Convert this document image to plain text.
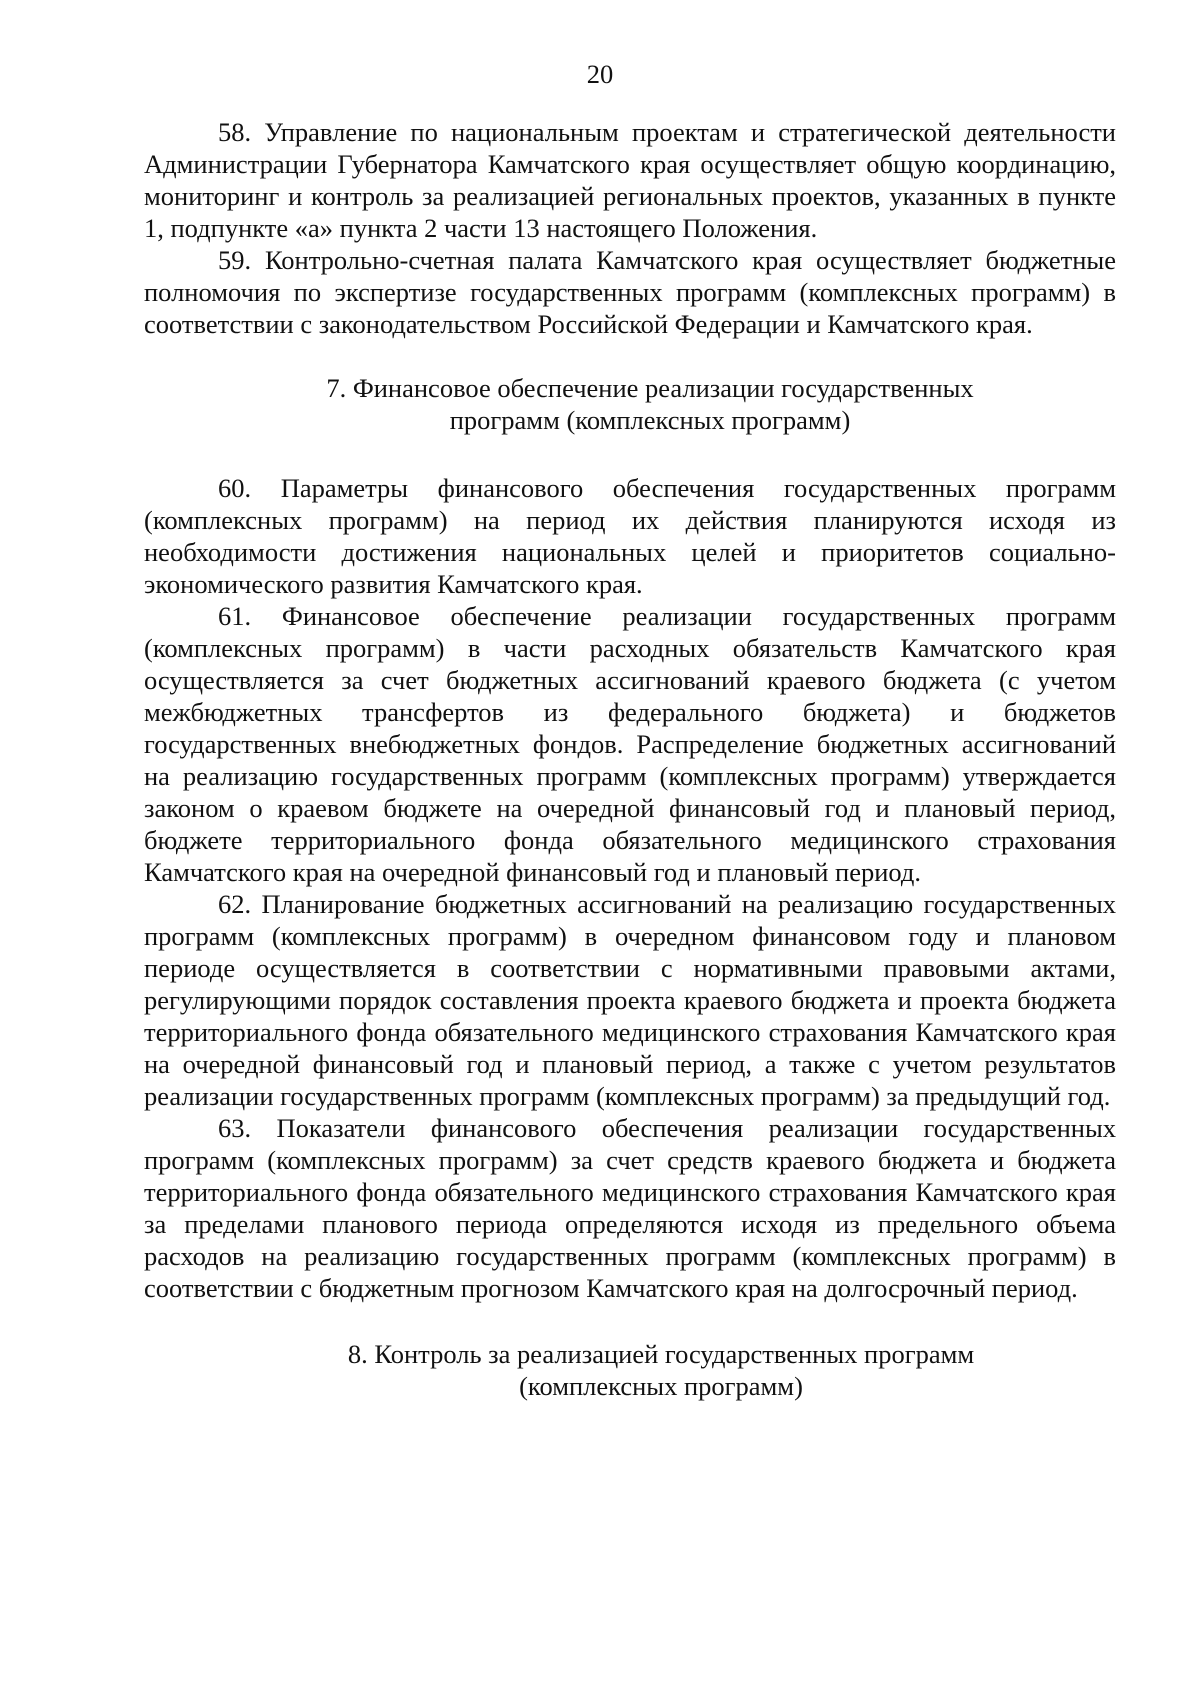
20

58. Управление по национальным проектам и стратегической деятельности Администрации Губернатора Камчатского края осуществляет общую координацию, мониторинг и контроль за реализацией региональных проектов, указанных в пункте 1, подпункте «а» пункта 2 части 13 настоящего Положения.

59. Контрольно-счетная палата Камчатского края осуществляет бюджетные полномочия по экспертизе государственных программ (комплексных программ) в соответствии с законодательством Российской Федерации и Камчатского края.

7. Финансовое обеспечение реализации государственных
программ (комплексных программ)

60. Параметры финансового обеспечения государственных программ (комплексных программ) на период их действия планируются исходя из необходимости достижения национальных целей и приоритетов социально-экономического развития Камчатского края.

61. Финансовое обеспечение реализации государственных программ (комплексных программ) в части расходных обязательств Камчатского края осуществляется за счет бюджетных ассигнований краевого бюджета (с учетом межбюджетных трансфертов из федерального бюджета) и бюджетов государственных внебюджетных фондов. Распределение бюджетных ассигнований на реализацию государственных программ (комплексных программ) утверждается законом о краевом бюджете на очередной финансовый год и плановый период, бюджете территориального фонда обязательного медицинского страхования Камчатского края на очередной финансовый год и плановый период.

62. Планирование бюджетных ассигнований на реализацию государственных программ (комплексных программ) в очередном финансовом году и плановом периоде осуществляется в соответствии с нормативными правовыми актами, регулирующими порядок составления проекта краевого бюджета и проекта бюджета территориального фонда обязательного медицинского страхования Камчатского края на очередной финансовый год и плановый период, а также с учетом результатов реализации государственных программ (комплексных программ) за предыдущий год.

63. Показатели финансового обеспечения реализации государственных программ (комплексных программ) за счет средств краевого бюджета и бюджета территориального фонда обязательного медицинского страхования Камчатского края за пределами планового периода определяются исходя из предельного объема расходов на реализацию государственных программ (комплексных программ) в соответствии с бюджетным прогнозом Камчатского края на долгосрочный период.

8. Контроль за реализацией государственных программ
(комплексных программ)
